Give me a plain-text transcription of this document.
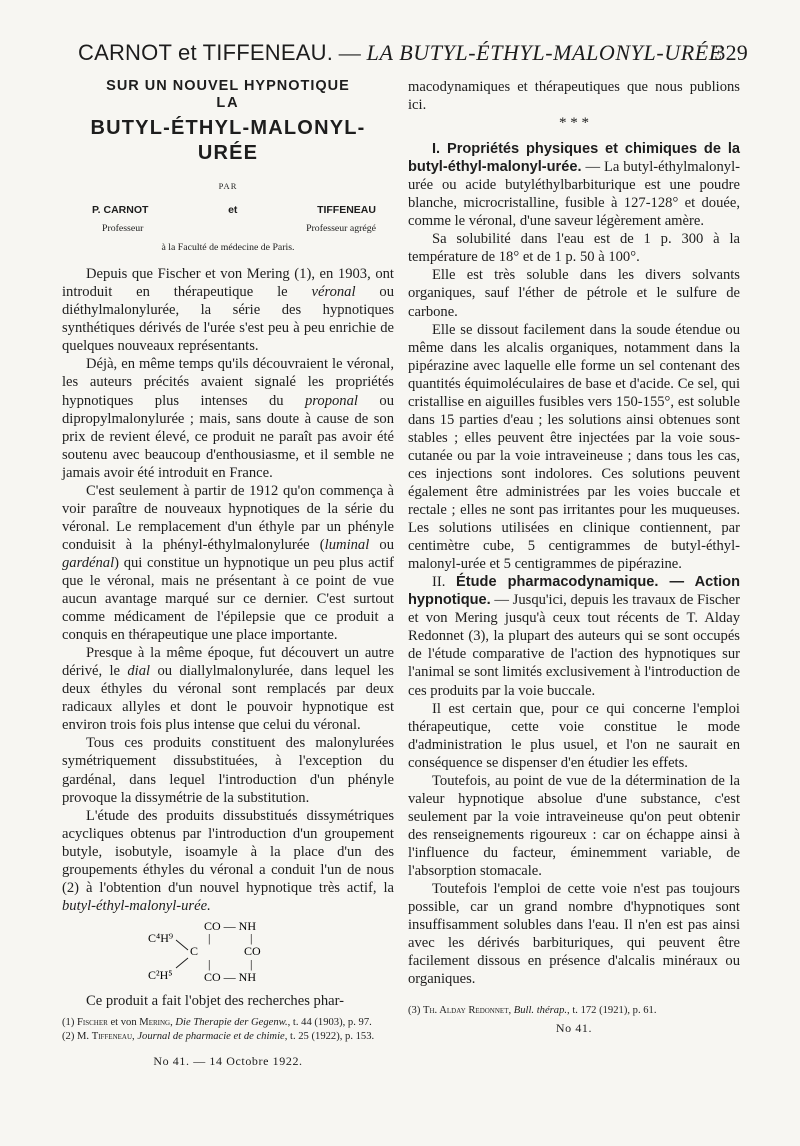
CARNOT et TIFFENEAU. — LA BUTYL-ÉTHYL-MALONYL-URÉE
329
SUR UN NOUVEL HYPNOTIQUE
LA
BUTYL-ÉTHYL-MALONYL-
URÉE
PAR
P. CARNOT	et	TIFFENEAU
Professeur	Professeur agrégé
à la Faculté de médecine de Paris.

Depuis que Fischer et von Mering (1), en 1903, ont introduit en thérapeutique le véronal ou diéthylmalonylurée, la série des hypnotiques synthétiques dérivés de l'urée s'est peu à peu enrichie de quelques nouveaux représentants.

Déjà, en même temps qu'ils découvraient le véronal, les auteurs précités avaient signalé les propriétés hypnotiques plus intenses du proponal ou dipropylmalonylurée ; mais, sans doute à cause de son prix de revient élevé, ce produit ne paraît pas avoir été soutenu avec beaucoup d'enthousiasme, et il semble ne jamais avoir été introduit en France.

C'est seulement à partir de 1912 qu'on commença à voir paraître de nouveaux hypnotiques de la série du véronal. Le remplacement d'un éthyle par un phényle conduisit à la phényl-éthylmalonylurée (luminal ou gardénal) qui constitue un hypnotique un peu plus actif que le véronal, mais ne présentant à ce point de vue aucun avantage marqué sur ce dernier. C'est surtout comme médicament de l'épilepsie que ce produit a conquis en thérapeutique une place importante.

Presque à la même époque, fut découvert un autre dérivé, le dial ou diallylmalonylurée, dans lequel les deux éthyles du véronal sont remplacés par deux radicaux allyles et dont le pouvoir hypnotique est environ trois fois plus intense que celui du véronal.

Tous ces produits constituent des malonylurées symétriquement dissubstituées, à l'exception du gardénal, dans lequel l'introduction d'un phényle provoque la dissymétrie de la substitution.

L'étude des produits dissubstitués dissymétriques acycliques obtenus par l'introduction d'un groupement butyle, isobutyle, isoamyle à la place d'un des groupements éthyles du véronal a conduit l'un de nous (2) à l'obtention d'un nouvel hypnotique très actif, la butyl-éthyl-malonyl-urée.

CO — NH
C⁴H⁹	|	|
C	CO
|	|
C²H⁵	CO — NH

Ce produit a fait l'objet des recherches phar-

(1) Fischer et von Mering, Die Therapie der Gegenw., t. 44 (1903), p. 97.

(2) M. Tiffeneau, Journal de pharmacie et de chimie, t. 25 (1922), p. 153.

No 41. — 14 Octobre 1922.

macodynamiques et thérapeutiques que nous publions ici.

* * *

I. Propriétés physiques et chimiques de la butyl-éthyl-malonyl-urée. — La butyl-éthylmalonyl-urée ou acide butyléthylbarbiturique est une poudre blanche, microcristalline, fusible à 127-128° et douée, comme le véronal, d'une saveur légèrement amère.

Sa solubilité dans l'eau est de 1 p. 300 à la température de 18° et de 1 p. 50 à 100°.

Elle est très soluble dans les divers solvants organiques, sauf l'éther de pétrole et le sulfure de carbone.

Elle se dissout facilement dans la soude étendue ou même dans les alcalis organiques, notamment dans la pipérazine avec laquelle elle forme un sel contenant des quantités équimoléculaires de base et d'acide. Ce sel, qui cristallise en aiguilles fusibles vers 150-155°, est soluble dans 15 parties d'eau ; les solutions ainsi obtenues sont stables ; elles peuvent être injectées par la voie sous-cutanée ou par la voie intraveineuse ; dans tous les cas, ces injections sont indolores. Ces solutions peuvent également être administrées par les voies buccale et rectale ; elles ne sont pas irritantes pour les muqueuses. Les solutions utilisées en clinique contiennent, par centimètre cube, 5 centigrammes de butyl-éthyl-malonyl-urée et 5 centigrammes de pipérazine.

II. Étude pharmacodynamique. — Action hypnotique. — Jusqu'ici, depuis les travaux de Fischer et von Mering jusqu'à ceux tout récents de T. Alday Redonnet (3), la plupart des auteurs qui se sont occupés de l'étude comparative de l'action des hypnotiques sur l'animal se sont limités exclusivement à l'introduction de ces produits par la voie buccale.

Il est certain que, pour ce qui concerne l'emploi thérapeutique, cette voie constitue le mode d'administration le plus usuel, et l'on ne saurait en conséquence se dispenser d'en étudier les effets.

Toutefois, au point de vue de la détermination de la valeur hypnotique absolue d'une substance, c'est seulement par la voie intraveineuse qu'on peut obtenir des renseignements rigoureux : car on échappe ainsi à l'influence du facteur, éminemment variable, de l'absorption stomacale.

Toutefois l'emploi de cette voie n'est pas toujours possible, car un grand nombre d'hypnotiques sont insuffisamment solubles dans l'eau. Il n'en est pas ainsi avec les dérivés barbituriques, qui peuvent être facilement dissous en présence d'alcalis minéraux ou organiques.

(3) Th. Alday Redonnet, Bull. thérap., t. 172 (1921), p. 61.

No 41.
